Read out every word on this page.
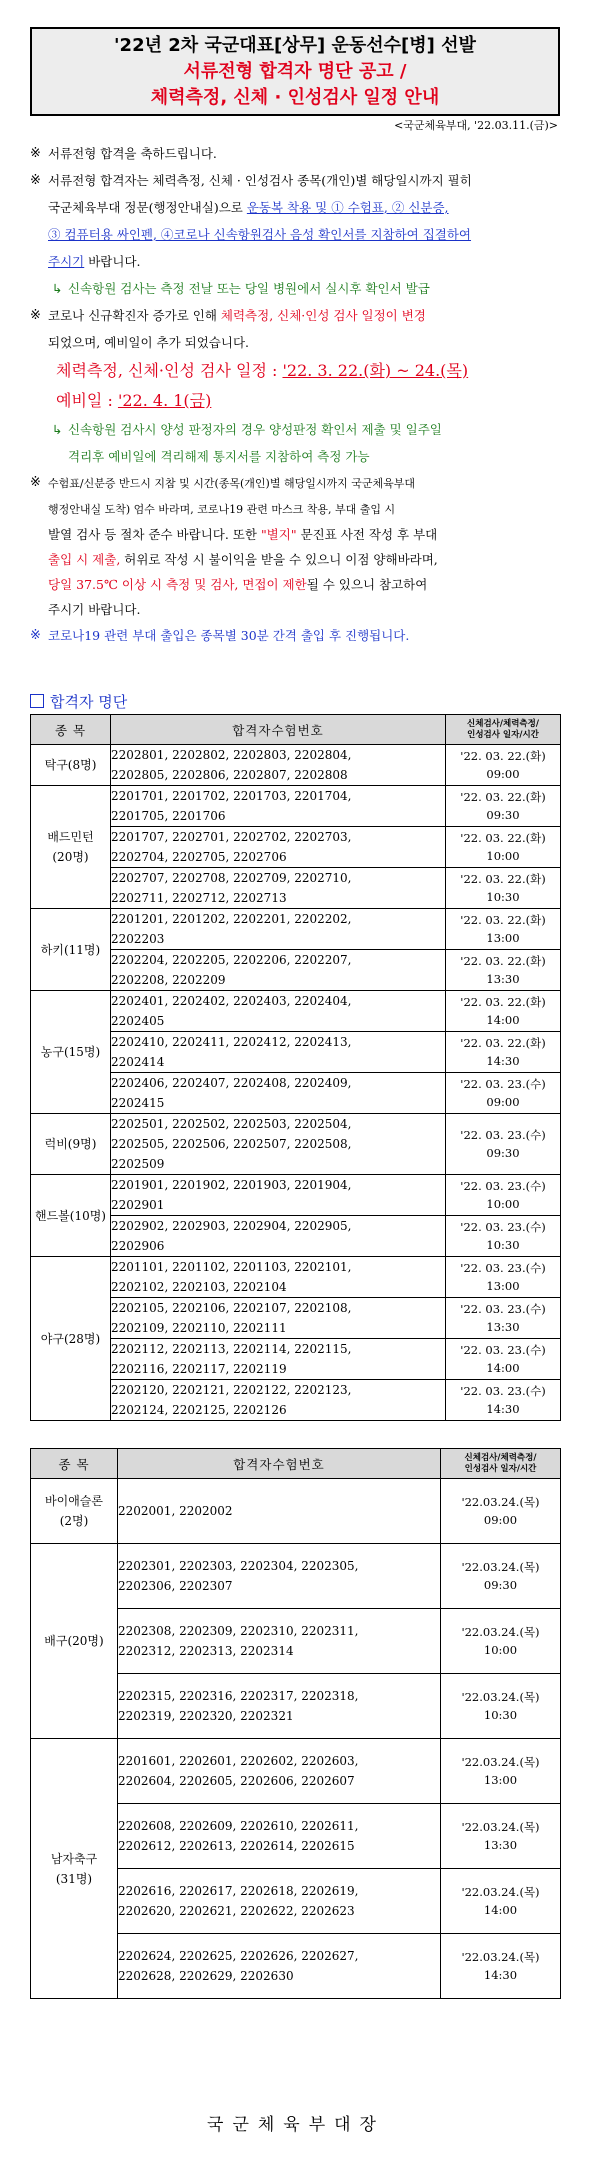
'22년 2차 국군대표[상무] 운동선수[병] 선발
서류전형 합격자 명단 공고 /
체력측정, 신체 · 인성검사 일정 안내
<국군체육부대, '22.03.11.(금)>
※ 서류전형 합격을 축하드립니다.
※ 서류전형 합격자는 체력측정, 신체 · 인성검사 종목(개인)별 해당일시까지 필히
국군체육부대 정문(행정안내실)으로 운동복 착용 및 ① 수험표, ② 신분증,
③ 컴퓨터용 싸인펜, ④코로나 신속항원검사 음성 확인서를 지참하여 집결하여
주시기 바랍니다.
↳ 신속항원 검사는 측정 전날 또는 당일 병원에서 실시후 확인서 발급
※ 코로나 신규확진자 증가로 인해 체력측정, 신체·인성 검사 일정이 변경
되었으며, 예비일이 추가 되었습니다.
체력측정, 신체·인성 검사 일정 : '22. 3. 22.(화) ~ 24.(목)
예비일 : '22. 4. 1(금)
↳ 신속항원 검사시 양성 판정자의 경우 양성판정 확인서 제출 및 일주일
격리후 예비일에 격리해제 통지서를 지참하여 측정 가능
※ 수험표/신분증 반드시 지참 및 시간(종목(개인)별 해당일시까지 국군체육부대
행정안내실 도착) 엄수 바라며, 코로나19 관련 마스크 착용, 부대 출입 시
발열 검사 등 절차 준수 바랍니다. 또한 "별지" 문진표 사전 작성 후 부대
출입 시 제출, 허위로 작성 시 불이익을 받을 수 있으니 이점 양해바라며,
당일 37.5℃ 이상 시 측정 및 검사, 면접이 제한될 수 있으니 참고하여
주시기 바랍니다.
※ 코로나19 관련 부대 출입은 종목별 30분 간격 출입 후 진행됩니다.
합격자 명단
종 목	합격자수험번호	신체검사/체력측정/
인성검사 일자/시간
탁구(8명)	2202801, 2202802, 2202803, 2202804,
2202805, 2202806, 2202807, 2202808	'22. 03. 22.(화)
09:00
배드민턴
(20명)	2201701, 2201702, 2201703, 2201704,
2201705, 2201706	'22. 03. 22.(화)
09:30
	2201707, 2202701, 2202702, 2202703,
2202704, 2202705, 2202706	'22. 03. 22.(화)
10:00
	2202707, 2202708, 2202709, 2202710,
2202711, 2202712, 2202713	'22. 03. 22.(화)
10:30
하키(11명)	2201201, 2201202, 2202201, 2202202,
2202203	'22. 03. 22.(화)
13:00
	2202204, 2202205, 2202206, 2202207,
2202208, 2202209	'22. 03. 22.(화)
13:30
농구(15명)	2202401, 2202402, 2202403, 2202404,
2202405	'22. 03. 22.(화)
14:00
	2202410, 2202411, 2202412, 2202413,
2202414	'22. 03. 22.(화)
14:30
	2202406, 2202407, 2202408, 2202409,
2202415	'22. 03. 23.(수)
09:00
럭비(9명)	2202501, 2202502, 2202503, 2202504,
2202505, 2202506, 2202507, 2202508,
2202509	'22. 03. 23.(수)
09:30
핸드볼(10명)	2201901, 2201902, 2201903, 2201904,
2202901	'22. 03. 23.(수)
10:00
	2202902, 2202903, 2202904, 2202905,
2202906	'22. 03. 23.(수)
10:30
야구(28명)	2201101, 2201102, 2201103, 2202101,
2202102, 2202103, 2202104	'22. 03. 23.(수)
13:00
	2202105, 2202106, 2202107, 2202108,
2202109, 2202110, 2202111	'22. 03. 23.(수)
13:30
	2202112, 2202113, 2202114, 2202115,
2202116, 2202117, 2202119	'22. 03. 23.(수)
14:00
	2202120, 2202121, 2202122, 2202123,
2202124, 2202125, 2202126	'22. 03. 23.(수)
14:30
종 목	합격자수험번호	신체검사/체력측정/
인성검사 일자/시간
바이애슬론
(2명)	2202001, 2202002	'22.03.24.(목)
09:00
배구(20명)	2202301, 2202303, 2202304, 2202305,
2202306, 2202307	'22.03.24.(목)
09:30
	2202308, 2202309, 2202310, 2202311,
2202312, 2202313, 2202314	'22.03.24.(목)
10:00
	2202315, 2202316, 2202317, 2202318,
2202319, 2202320, 2202321	'22.03.24.(목)
10:30
남자축구
(31명)	2201601, 2202601, 2202602, 2202603,
2202604, 2202605, 2202606, 2202607	'22.03.24.(목)
13:00
	2202608, 2202609, 2202610, 2202611,
2202612, 2202613, 2202614, 2202615	'22.03.24.(목)
13:30
	2202616, 2202617, 2202618, 2202619,
2202620, 2202621, 2202622, 2202623	'22.03.24.(목)
14:00
	2202624, 2202625, 2202626, 2202627,
2202628, 2202629, 2202630	'22.03.24.(목)
14:30
국군체육부대장
